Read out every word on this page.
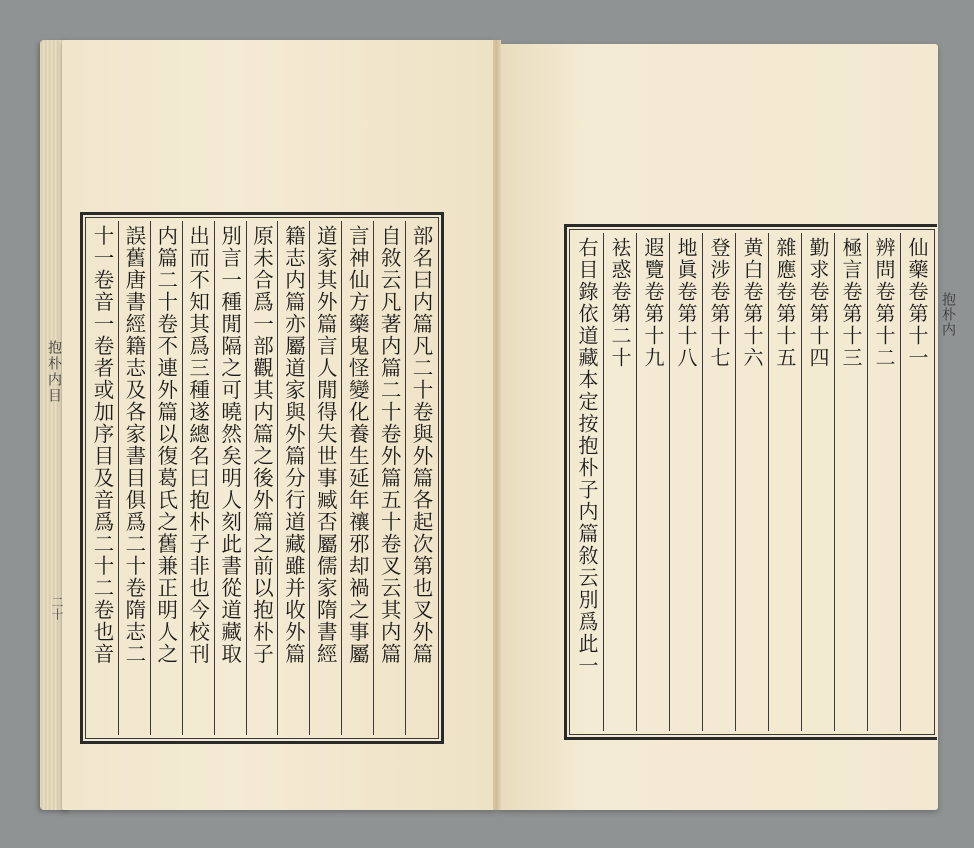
抱朴内目
二十
抱朴内
部名曰内篇凡二十卷與外篇各起次第也叉外篇
自敘云凡著内篇二十卷外篇五十卷叉云其内篇
言神仙方藥鬼怪變化養生延年禳邪却禍之事屬
道家其外篇言人閒得失世事臧否屬儒家隋書經
籍志内篇亦屬道家與外篇分行道藏雖并收外篇
原未合爲一部觀其内篇之後外篇之前以抱朴子
別言一種閒隔之可曉然矣明人刻此書從道藏取
出而不知其爲三種遂總名曰抱朴子非也今校刊
内篇二十卷不連外篇以復葛氏之舊兼正明人之
誤舊唐書經籍志及各家書目俱爲二十卷隋志二
十一卷音一卷者或加序目及音爲二十二卷也音	仙藥卷第十一
辨問卷第十二
極言卷第十三
勤求卷第十四
雜應卷第十五
黄白卷第十六
登涉卷第十七
地眞卷第十八
遐覽卷第十九
袪惑卷第二十
右目錄依道藏本定按抱朴子内篇敘云別爲此一
